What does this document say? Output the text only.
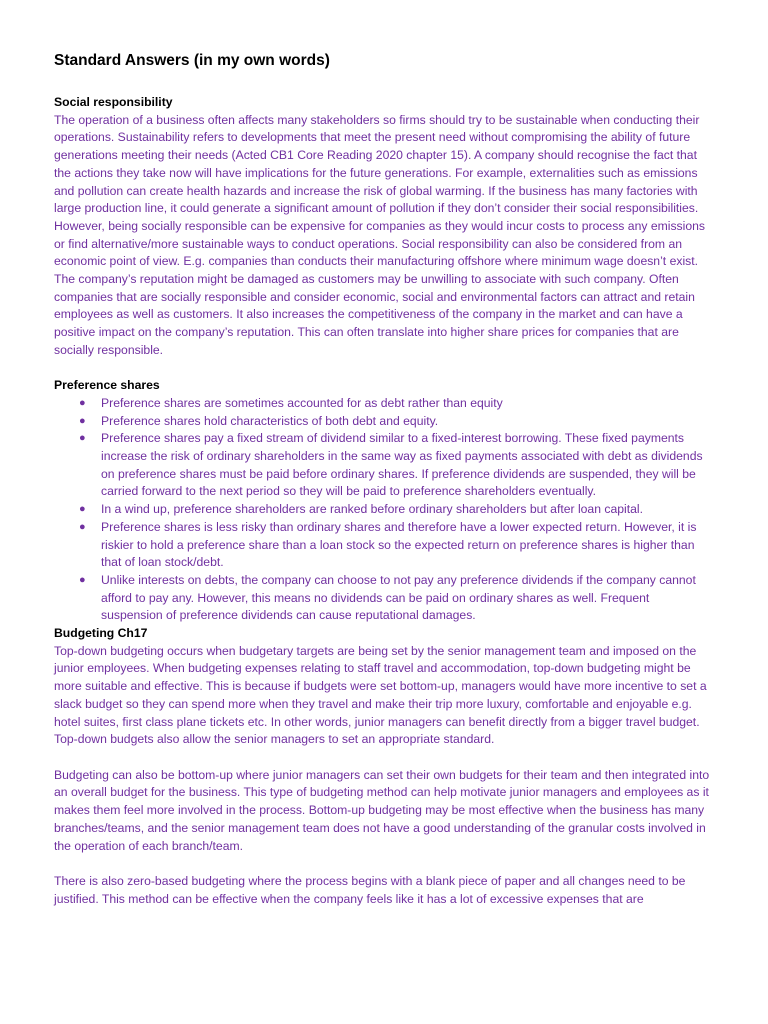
Standard Answers (in my own words)
Social responsibility

The operation of a business often affects many stakeholders so firms should try to be sustainable when conducting their operations. Sustainability refers to developments that meet the present need without compromising the ability of future generations meeting their needs (Acted CB1 Core Reading 2020 chapter 15). A company should recognise the fact that the actions they take now will have implications for the future generations. For example, externalities such as emissions and pollution can create health hazards and increase the risk of global warming. If the business has many factories with large production line, it could generate a significant amount of pollution if they don’t consider their social responsibilities. However, being socially responsible can be expensive for companies as they would incur costs to process any emissions or find alternative/more sustainable ways to conduct operations. Social responsibility can also be considered from an economic point of view. E.g. companies than conducts their manufacturing offshore where minimum wage doesn’t exist. The company’s reputation might be damaged as customers may be unwilling to associate with such company. Often companies that are socially responsible and consider economic, social and environmental factors can attract and retain employees as well as customers. It also increases the competitiveness of the company in the market and can have a positive impact on the company’s reputation. This can often translate into higher share prices for companies that are socially responsible.

Preference shares
● Preference shares are sometimes accounted for as debt rather than equity
● Preference shares hold characteristics of both debt and equity.
● Preference shares pay a fixed stream of dividend similar to a fixed-interest borrowing. These fixed payments increase the risk of ordinary shareholders in the same way as fixed payments associated with debt as dividends on preference shares must be paid before ordinary shares. If preference dividends are suspended, they will be carried forward to the next period so they will be paid to preference shareholders eventually.
● In a wind up, preference shareholders are ranked before ordinary shareholders but after loan capital.
● Preference shares is less risky than ordinary shares and therefore have a lower expected return. However, it is riskier to hold a preference share than a loan stock so the expected return on preference shares is higher than that of loan stock/debt.
● Unlike interests on debts, the company can choose to not pay any preference dividends if the company cannot afford to pay any. However, this means no dividends can be paid on ordinary shares as well. Frequent suspension of preference dividends can cause reputational damages.
Budgeting Ch17

Top-down budgeting occurs when budgetary targets are being set by the senior management team and imposed on the junior employees. When budgeting expenses relating to staff travel and accommodation, top-down budgeting might be more suitable and effective. This is because if budgets were set bottom-up, managers would have more incentive to set a slack budget so they can spend more when they travel and make their trip more luxury, comfortable and enjoyable e.g. hotel suites, first class plane tickets etc. In other words, junior managers can benefit directly from a bigger travel budget. Top-down budgets also allow the senior managers to set an appropriate standard.

Budgeting can also be bottom-up where junior managers can set their own budgets for their team and then integrated into an overall budget for the business. This type of budgeting method can help motivate junior managers and employees as it makes them feel more involved in the process. Bottom-up budgeting may be most effective when the business has many branches/teams, and the senior management team does not have a good understanding of the granular costs involved in the operation of each branch/team.

There is also zero-based budgeting where the process begins with a blank piece of paper and all changes need to be justified. This method can be effective when the company feels like it has a lot of excessive expenses that are
